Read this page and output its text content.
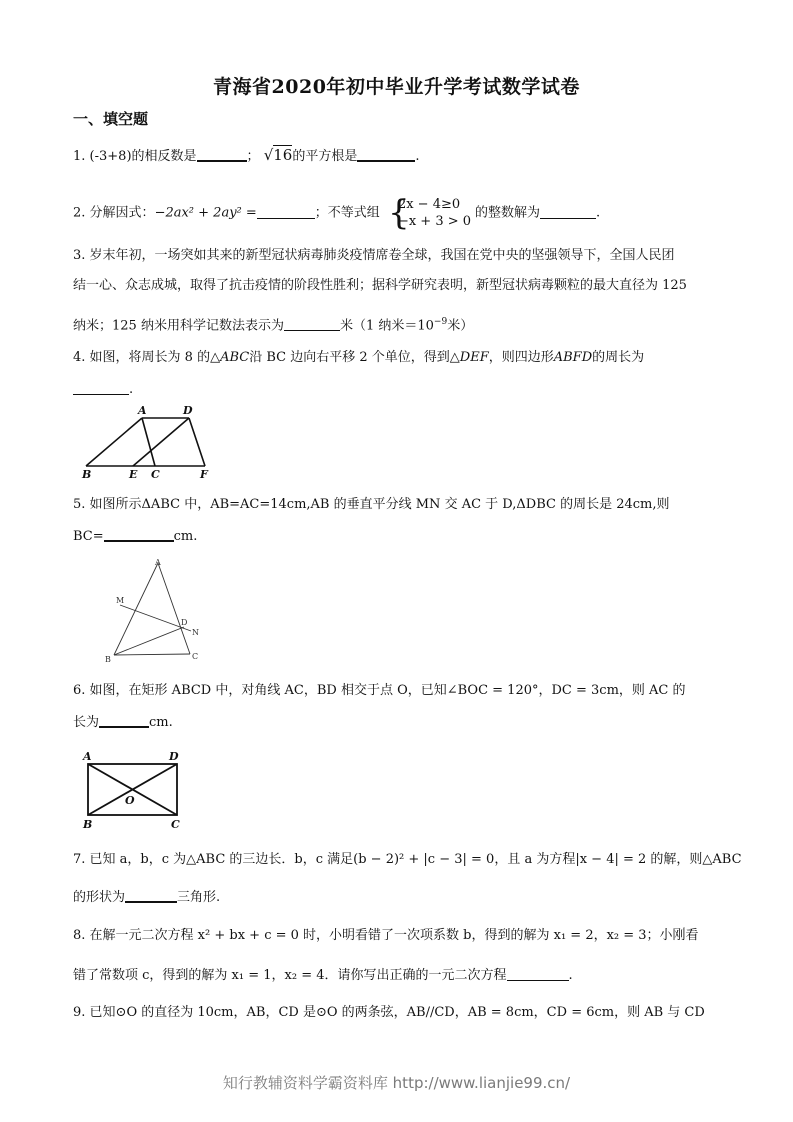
青海省2020年初中毕业升学考试数学试卷
一、填空题
1. (-3+8)的相反数是	； √16的平方根是	.
2. 分解因式：−2ax² + 2ay² =	；不等式组 {
2x − 4≥0
−x + 3 > 0
的整数解为	.
3. 岁末年初，一场突如其来的新型冠状病毒肺炎疫情席卷全球，我国在党中央的坚强领导下，全国人民团
结一心、众志成城，取得了抗击疫情的阶段性胜利；据科学研究表明，新型冠状病毒颗粒的最大直径为 125
纳米；125 纳米用科学记数法表示为	米（1 纳米$=10^{-9}$米）
4. 如图，将周长为 8 的△ABC沿 BC 边向右平移 2 个单位，得到△DEF，则四边形ABFD的周长为
.
A	D
B	E C	F
5. 如图所示ΔABC 中，AB=AC=14cm,AB 的垂直平分线 MN 交 AC 于 D,ΔDBC 的周长是 24cm,则
BC=	cm.
A
M
D
N
B	C
6. 如图，在矩形 ABCD 中，对角线 AC，BD 相交于点 O，已知∠BOC = 120°，DC = 3cm，则 AC 的
长为	cm.
A	D
O
B	C
7. 已知 a，b，c 为△ABC 的三边长．b，c 满足(b − 2)² + |c − 3| = 0，且 a 为方程|x − 4| = 2 的解，则△ABC
的形状为	三角形.
8. 在解一元二次方程 x² + bx + c = 0 时，小明看错了一次项系数 b，得到的解为 x₁ = 2，x₂ = 3；小刚看
错了常数项 c，得到的解为 x₁ = 1，x₂ = 4．请你写出正确的一元二次方程	.
9. 已知⊙O 的直径为 10cm，AB，CD 是⊙O 的两条弦，AB//CD，AB = 8cm，CD = 6cm，则 AB 与 CD
知行教辅资料学霸资料库 http://www.lianjie99.cn/
